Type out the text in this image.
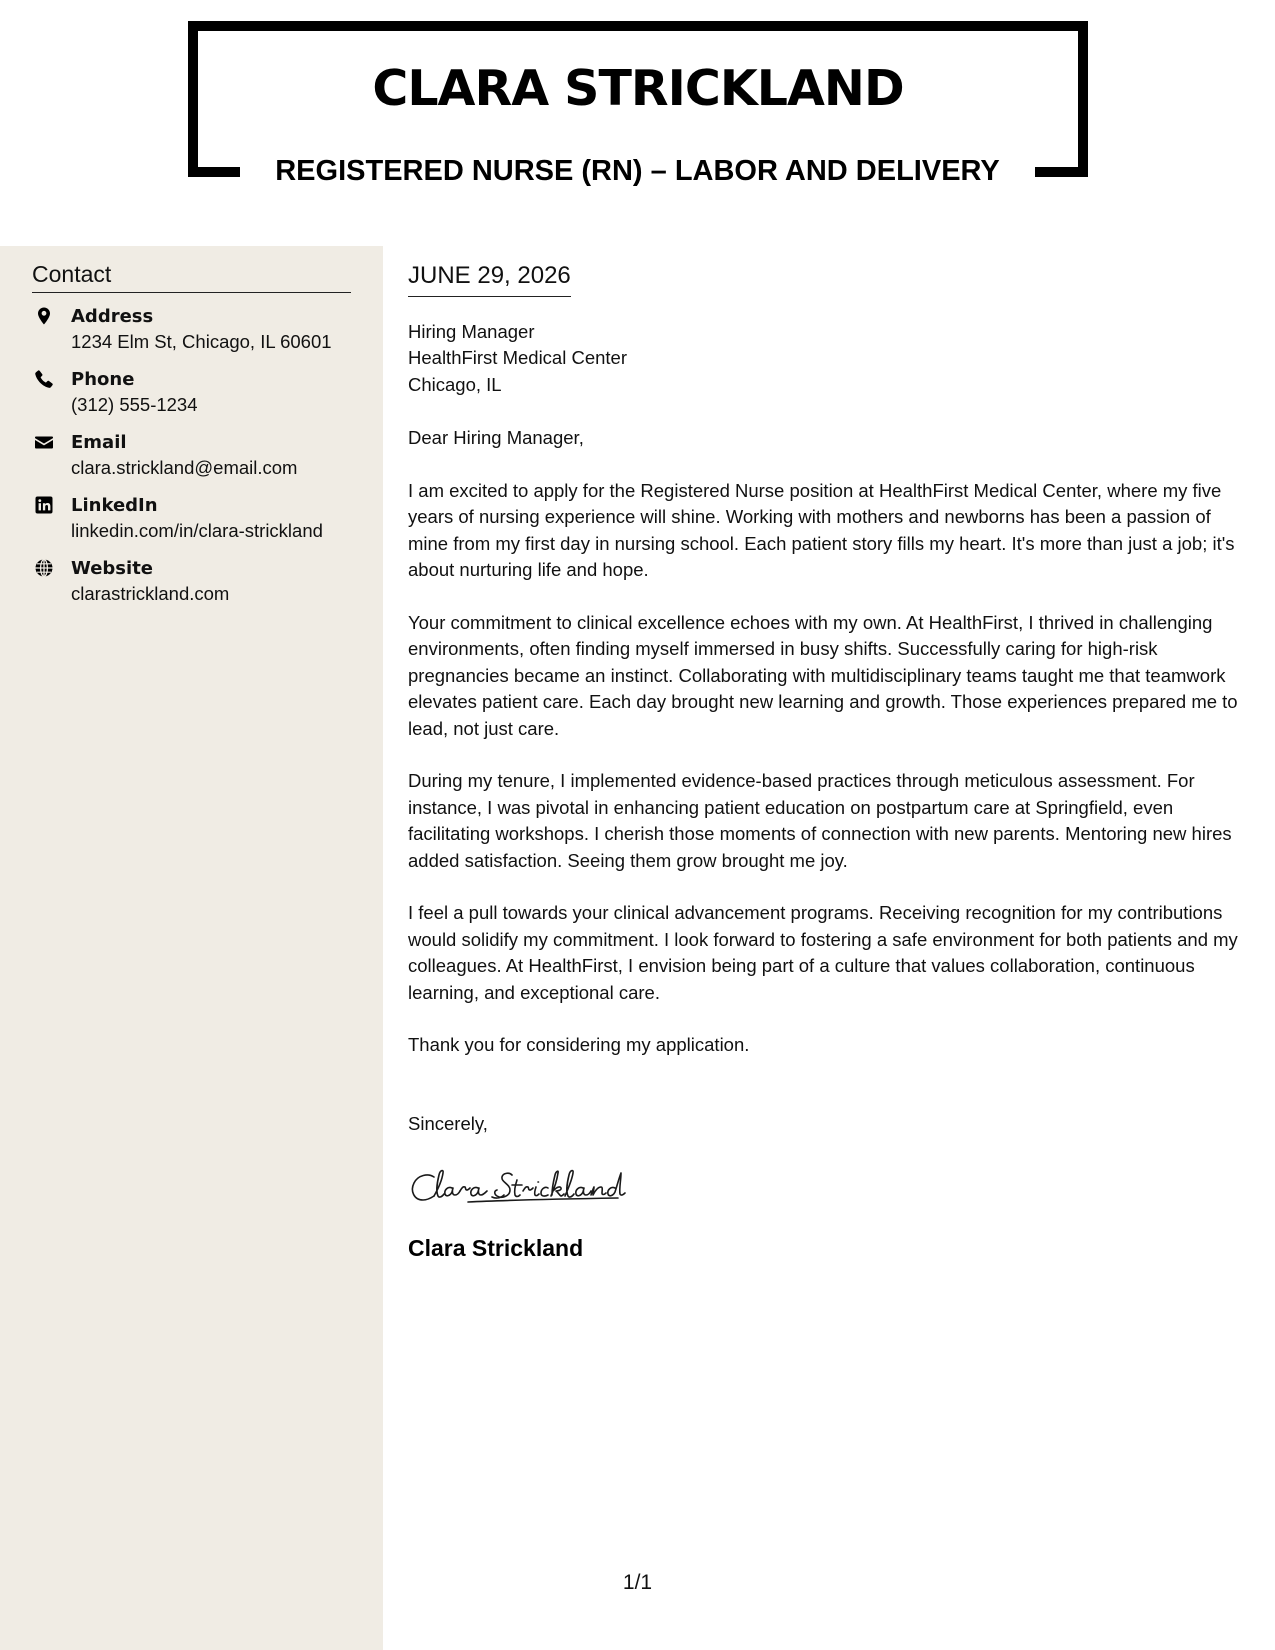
CLARA STRICKLAND
REGISTERED NURSE (RN) – LABOR AND DELIVERY
Contact
Address
1234 Elm St, Chicago, IL 60601
Phone
(312) 555-1234
Email
clara.strickland@email.com
LinkedIn
linkedin.com/in/clara-strickland
Website
clarastrickland.com
JUNE 29, 2026
Hiring Manager
HealthFirst Medical Center
Chicago, IL

Dear Hiring Manager,

I am excited to apply for the Registered Nurse position at HealthFirst Medical Center, where my five years of nursing experience will shine. Working with mothers and newborns has been a passion of mine from my first day in nursing school. Each patient story fills my heart. It's more than just a job; it's about nurturing life and hope.

Your commitment to clinical excellence echoes with my own. At HealthFirst, I thrived in challenging environments, often finding myself immersed in busy shifts. Successfully caring for high-risk pregnancies became an instinct. Collaborating with multidisciplinary teams taught me that teamwork elevates patient care. Each day brought new learning and growth. Those experiences prepared me to lead, not just care.

During my tenure, I implemented evidence-based practices through meticulous assessment. For instance, I was pivotal in enhancing patient education on postpartum care at Springfield, even facilitating workshops. I cherish those moments of connection with new parents. Mentoring new hires added satisfaction. Seeing them grow brought me joy.

I feel a pull towards your clinical advancement programs. Receiving recognition for my contributions would solidify my commitment. I look forward to fostering a safe environment for both patients and my colleagues. At HealthFirst, I envision being part of a culture that values collaboration, continuous learning, and exceptional care.

Thank you for considering my application.

Sincerely,

Clara Strickland

1/1
